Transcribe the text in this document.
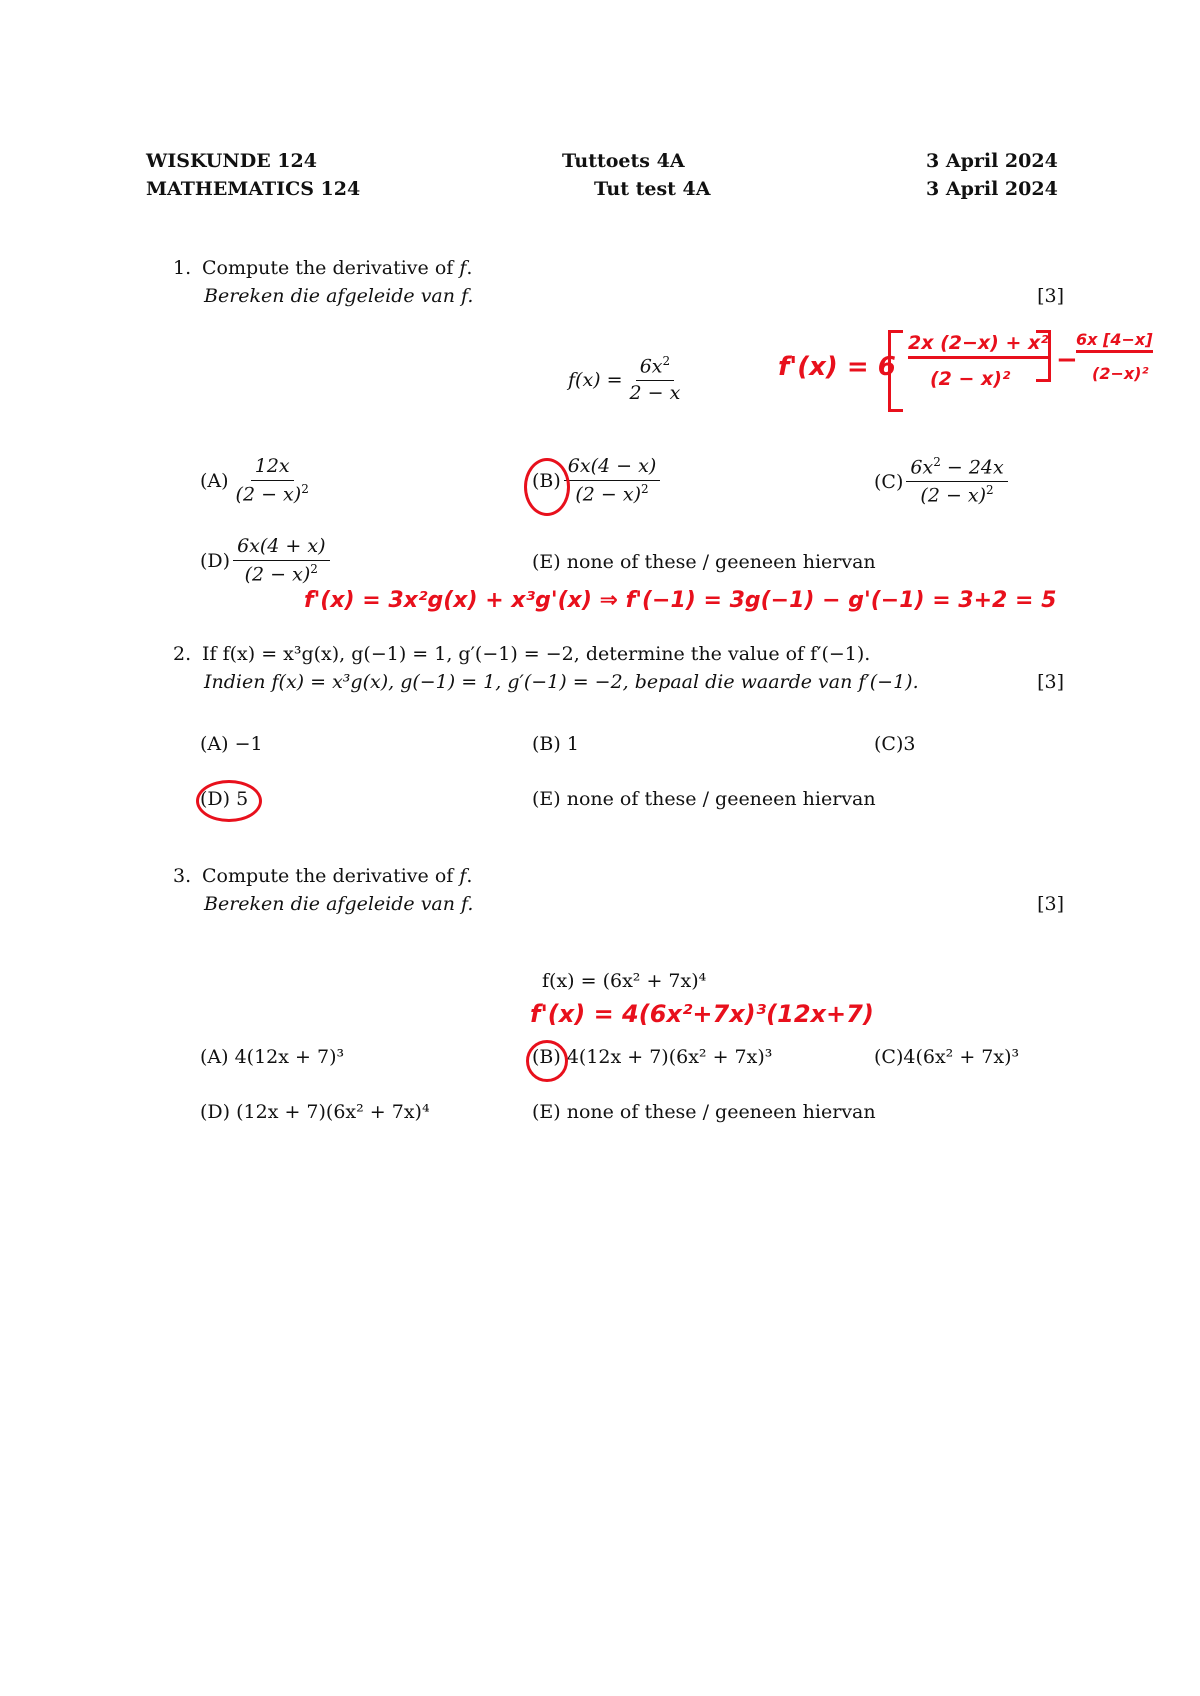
WISKUNDE 124
MATHEMATICS 124
Tuttoets 4A
Tut test 4A
3 April 2024
3 April 2024
1. Compute the derivative of f.
Bereken die afgeleide van f.	[3]
$f(x) = \frac{6x^2}{2 - x}$
$(A) \frac{12x}{(2 - x)^2}$	$(B) \frac{6x(4 - x)}{(2 - x)^2}$	$(C) \frac{6x^2 - 24x}{(2 - x)^2}$
$(D) \frac{6x(4 + x)}{(2 - x)^2}$	(E)
none of these / geeneen hiervan
f'(x) = 6
2x (2−x) + x²
(2 − x)²
−
6x [4−x]
(2−x)²
f'(x) = 3x²g(x) + x³g'(x) ⇒ f'(−1) = 3g(−1) − g'(−1) = 3+2 = 5
2. If f(x) = x³g(x), g(−1) = 1, g′(−1) = −2, determine the value of f′(−1).
Indien f(x) = x³g(x), g(−1) = 1, g′(−1) = −2, bepaal die waarde van f′(−1).	[3]
(A) −1	(B) 1	(C)3
(D) 5	(E) none of these / geeneen hiervan
3. Compute the derivative of f.
Bereken die afgeleide van f.	[3]
f(x) = (6x² + 7x)⁴
f'(x) = 4(6x²+7x)³(12x+7)
(A) 4(12x + 7)³	(B) 4(12x + 7)(6x² + 7x)³	(C)4(6x² + 7x)³
(D) (12x + 7)(6x² + 7x)⁴	(E) none of these / geeneen hiervan
